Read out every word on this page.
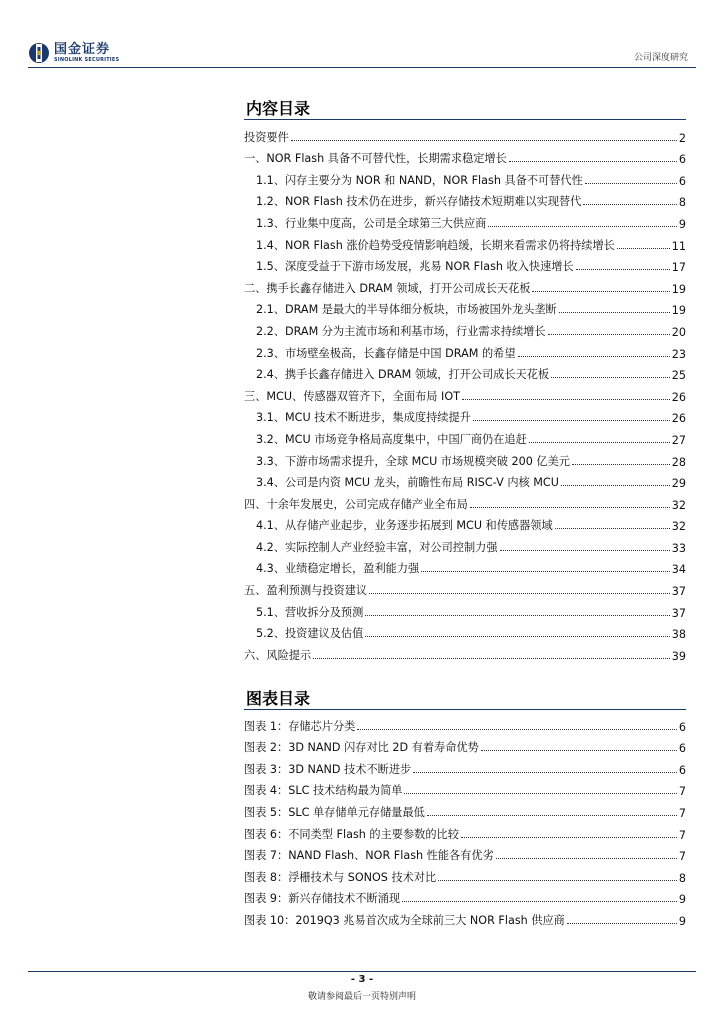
国金证券
SINOLINK SECURITIES	公司深度研究
内容目录
投资要件	2
一、NOR Flash 具备不可替代性，长期需求稳定增长	6
1.1、闪存主要分为 NOR 和 NAND，NOR Flash 具备不可替代性	6
1.2、NOR Flash 技术仍在进步，新兴存储技术短期难以实现替代	8
1.3、行业集中度高，公司是全球第三大供应商	9
1.4、NOR Flash 涨价趋势受疫情影响趋缓，长期来看需求仍将持续增长	11
1.5、深度受益于下游市场发展，兆易 NOR Flash 收入快速增长	17
二、携手长鑫存储进入 DRAM 领域，打开公司成长天花板	19
2.1、DRAM 是最大的半导体细分板块，市场被国外龙头垄断	19
2.2、DRAM 分为主流市场和利基市场，行业需求持续增长	20
2.3、市场壁垒极高，长鑫存储是中国 DRAM 的希望	23
2.4、携手长鑫存储进入 DRAM 领域，打开公司成长天花板	25
三、MCU、传感器双管齐下，全面布局 IOT	26
3.1、MCU 技术不断进步，集成度持续提升	26
3.2、MCU 市场竞争格局高度集中，中国厂商仍在追赶	27
3.3、下游市场需求提升，全球 MCU 市场规模突破 200 亿美元	28
3.4、公司是内资 MCU 龙头，前瞻性布局 RISC-V 内核 MCU	29
四、十余年发展史，公司完成存储产业全布局	32
4.1、从存储产业起步，业务逐步拓展到 MCU 和传感器领域	32
4.2、实际控制人产业经验丰富，对公司控制力强	33
4.3、业绩稳定增长，盈利能力强	34
五、盈利预测与投资建议	37
5.1、营收拆分及预测	37
5.2、投资建议及估值	38
六、风险提示	39
图表目录
图表 1：存储芯片分类	6
图表 2：3D NAND 闪存对比 2D 有着寿命优势	6
图表 3：3D NAND 技术不断进步	6
图表 4：SLC 技术结构最为简单	7
图表 5：SLC 单存储单元存储量最低	7
图表 6：不同类型 Flash 的主要参数的比较	7
图表 7：NAND Flash、NOR Flash 性能各有优劣	7
图表 8：浮栅技术与 SONOS 技术对比	8
图表 9：新兴存储技术不断涌现	9
图表 10：2019Q3 兆易首次成为全球前三大 NOR Flash 供应商	9
- 3 -
敬请参阅最后一页特别声明
